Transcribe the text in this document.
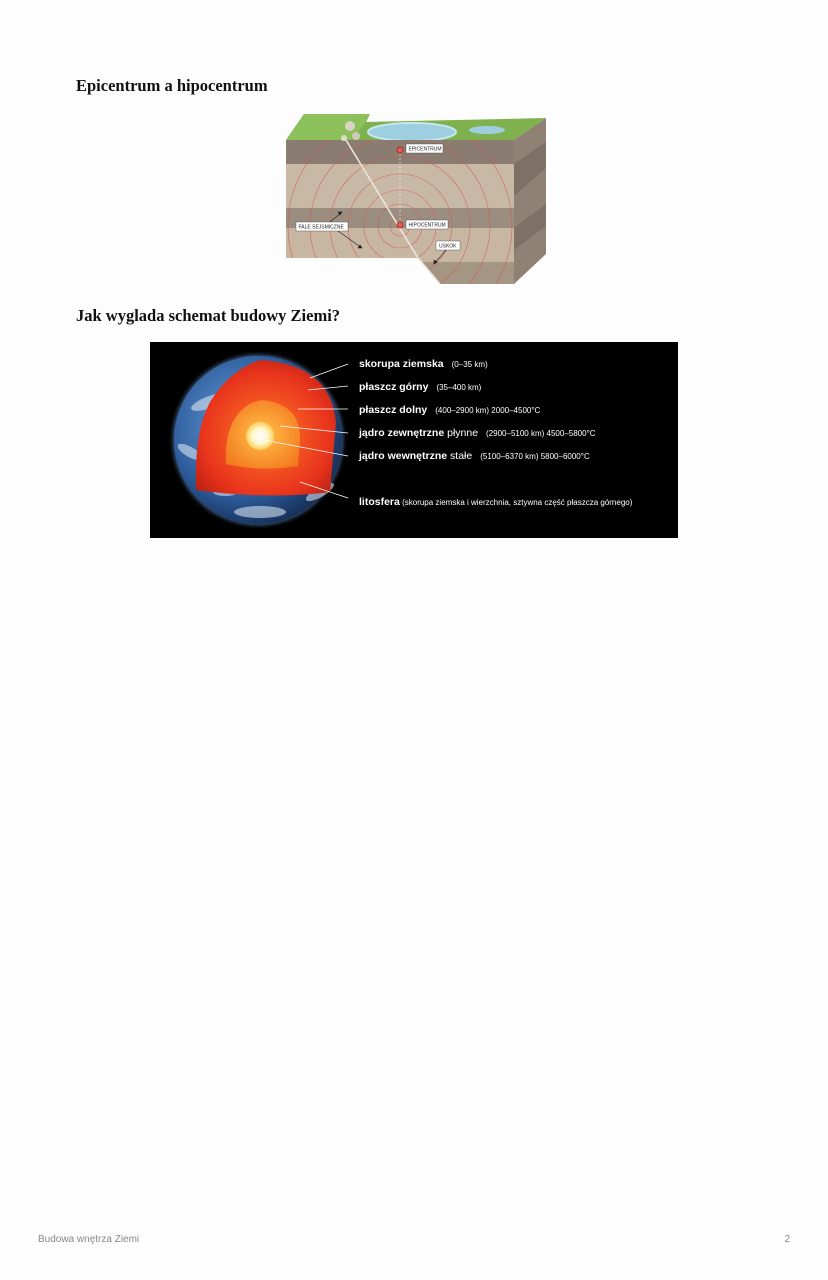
Epicentrum a hipocentrum
EPICENTRUM
HIPOCENTRUM
FALE SEJSMICZNE
USKOK
Jak wyglada schemat budowy Ziemi?
skorupa ziemska (0–35 km)
płaszcz górny (35–400 km)
płaszcz dolny (400–2900 km) 2000–4500°C
jądro zewnętrzne płynne (2900–5100 km) 4500–5800°C
jądro wewnętrzne stałe (5100–6370 km) 5800–6000°C
litosfera (skorupa ziemska i wierzchnia, sztywna część płaszcza górnego)
Budowa wnętrza Ziemi	2
